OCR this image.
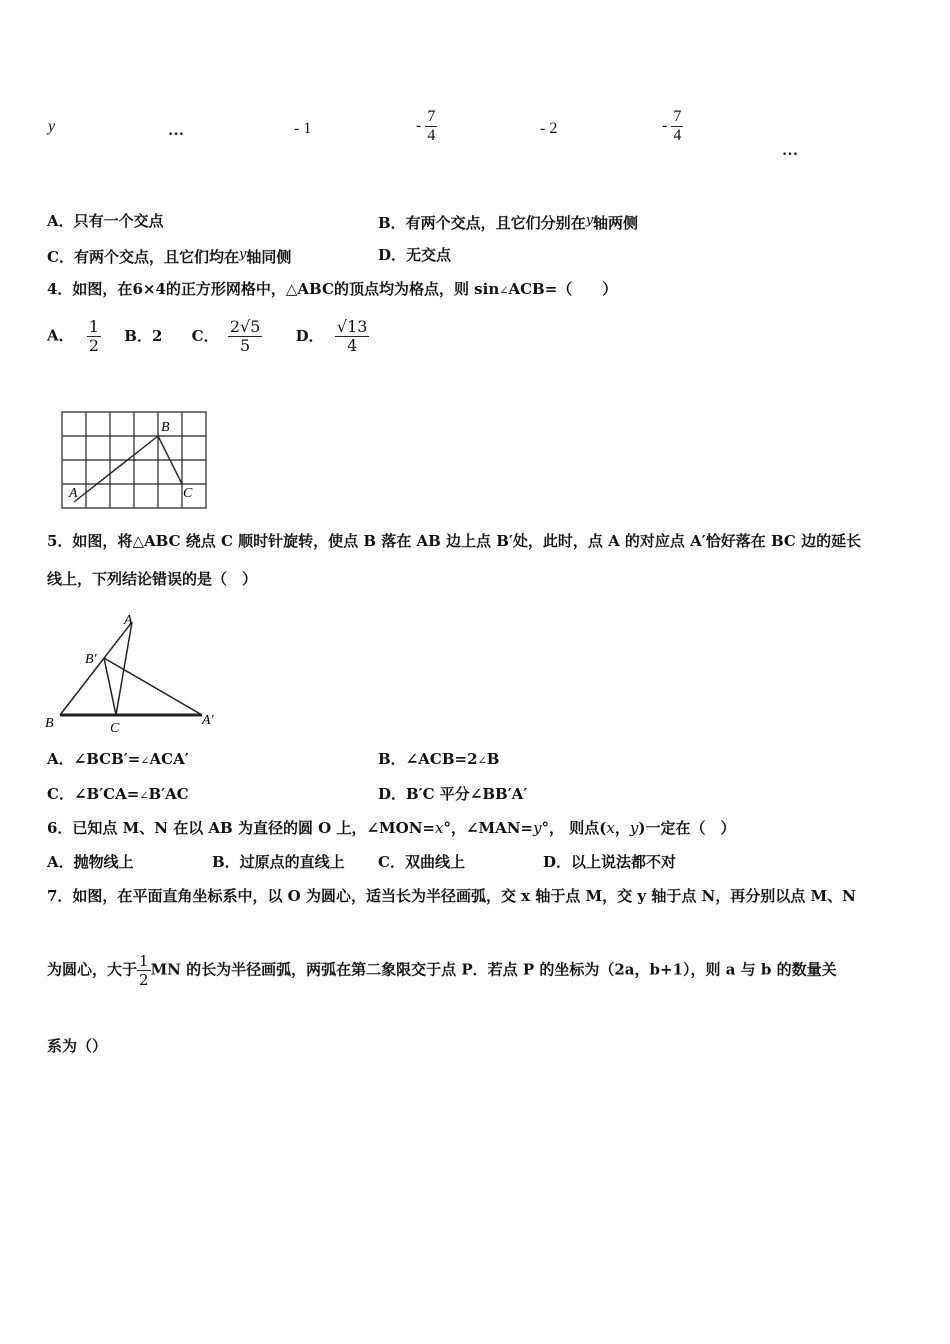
y	…	- 1	- $\frac{7}{4}$	- 2	- $\frac{7}{4}$
…
A．只有一个交点	B．有两个交点，且它们分别在y轴两侧
C．有两个交点，且它们均在y轴同侧	D．无交点
4．如图，在6×4的正方形网格中，△ABC的顶点均为格点，则 sin∠ACB=（　　）
A． $\frac{1}{2}$ B．2 C． $\frac{2√5}{5}$ D． $\frac{√13}{4}$
B
A	C
5．如图，将△ABC 绕点 C 顺时针旋转，使点 B 落在 AB 边上点 B′处，此时，点 A 的对应点 A′恰好落在 BC 边的延长
线上，下列结论错误的是（　）
A
B′
B	C
A′
A．∠BCB′=∠ACA′	B．∠ACB=2∠B
C．∠B′CA=∠B′AC	D．B′C 平分∠BB′A′
6．已知点 M、N 在以 AB 为直径的圆 O 上，∠MON=x°，∠MAN=y°， 则点(x，y)一定在（　）
A．抛物线上	B．过原点的直线上 C．双曲线上	D．以上说法都不对
7．如图，在平面直角坐标系中，以 O 为圆心，适当长为半径画弧，交 x 轴于点 M，交 y 轴于点 N，再分别以点 M、N
为圆心，大于 $\frac{1}{2}$ MN 的长为半径画弧，两弧在第二象限交于点 P．若点 P 的坐标为（2a，b+1），则 a 与 b 的数量关
系为（）
